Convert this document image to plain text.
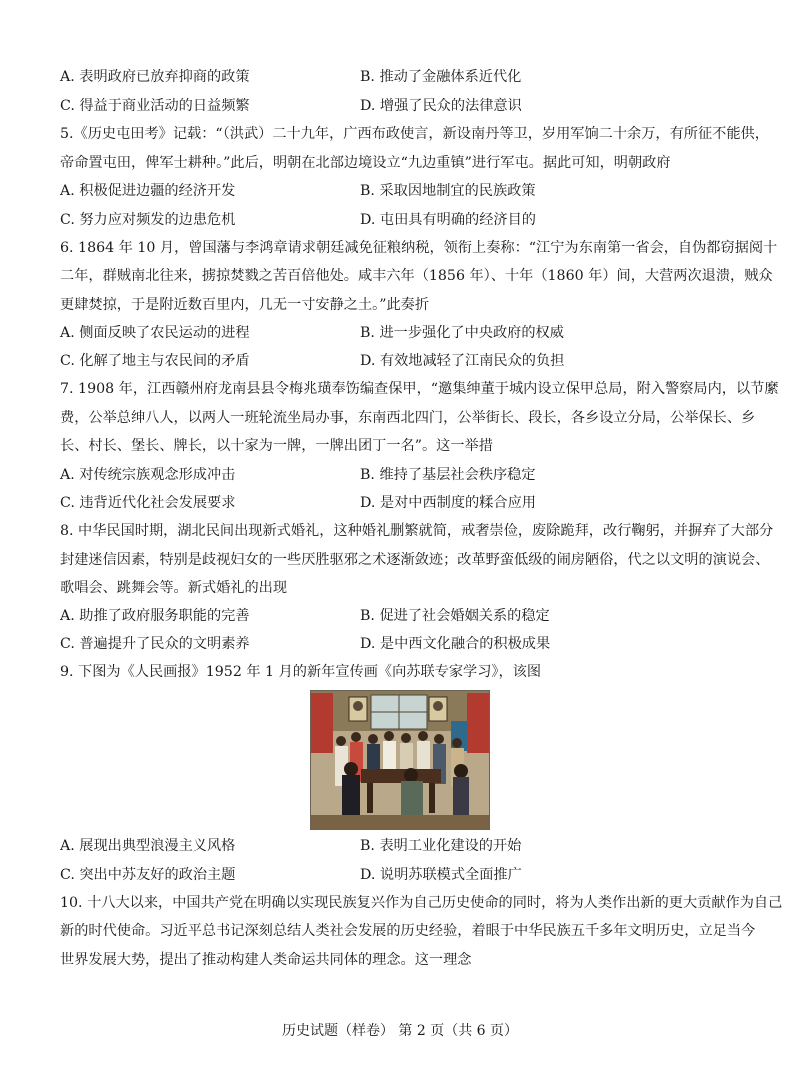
A. 表明政府已放弃抑商的政策	B. 推动了金融体系近代化
C. 得益于商业活动的日益频繁	D. 增强了民众的法律意识
5.《历史屯田考》记载：“（洪武）二十九年，广西布政使言，新设南丹等卫，岁用军饷二十余万，有所征不能供，
帝命置屯田，俾军士耕种。”此后，明朝在北部边境设立“九边重镇”进行军屯。据此可知，明朝政府
A. 积极促进边疆的经济开发	B. 采取因地制宜的民族政策
C. 努力应对频发的边患危机	D. 屯田具有明确的经济目的
6. 1864 年 10 月，曾国藩与李鸿章请求朝廷减免征粮纳税，领衔上奏称：“江宁为东南第一省会，自伪都窃据阅十
二年，群贼南北往来，掳掠焚戮之苦百倍他处。咸丰六年（1856 年）、十年（1860 年）间，大营两次退溃，贼众
更肆焚掠，于是附近数百里内，几无一寸安静之土。”此奏折
A. 侧面反映了农民运动的进程	B. 进一步强化了中央政府的权威
C. 化解了地主与农民间的矛盾	D. 有效地减轻了江南民众的负担
7. 1908 年，江西赣州府龙南县县令梅兆璜奉饬编查保甲，“邀集绅董于城内设立保甲总局，附入警察局内，以节縻
费，公举总绅八人，以两人一班轮流坐局办事，东南西北四门，公举街长、段长，各乡设立分局，公举保长、乡
长、村长、堡长、牌长，以十家为一牌，一牌出团丁一名”。这一举措
A. 对传统宗族观念形成冲击	B. 维持了基层社会秩序稳定
C. 违背近代化社会发展要求	D. 是对中西制度的糅合应用
8. 中华民国时期，湖北民间出现新式婚礼，这种婚礼删繁就简，戒奢崇俭，废除跪拜，改行鞠躬，并摒弃了大部分
封建迷信因素，特别是歧视妇女的一些厌胜驱邪之术逐渐敛迹；改革野蛮低级的闹房陋俗，代之以文明的演说会、
歌唱会、跳舞会等。新式婚礼的出现
A. 助推了政府服务职能的完善	B. 促进了社会婚姻关系的稳定
C. 普遍提升了民众的文明素养	D. 是中西文化融合的积极成果
9. 下图为《人民画报》1952 年 1 月的新年宣传画《向苏联专家学习》，该图
A. 展现出典型浪漫主义风格	B. 表明工业化建设的开始
C. 突出中苏友好的政治主题	D. 说明苏联模式全面推广
10. 十八大以来，中国共产党在明确以实现民族复兴作为自己历史使命的同时，将为人类作出新的更大贡献作为自己
新的时代使命。习近平总书记深刻总结人类社会发展的历史经验，着眼于中华民族五千多年文明历史，立足当今
世界发展大势，提出了推动构建人类命运共同体的理念。这一理念
历史试题（样卷） 第 2 页（共 6 页）
